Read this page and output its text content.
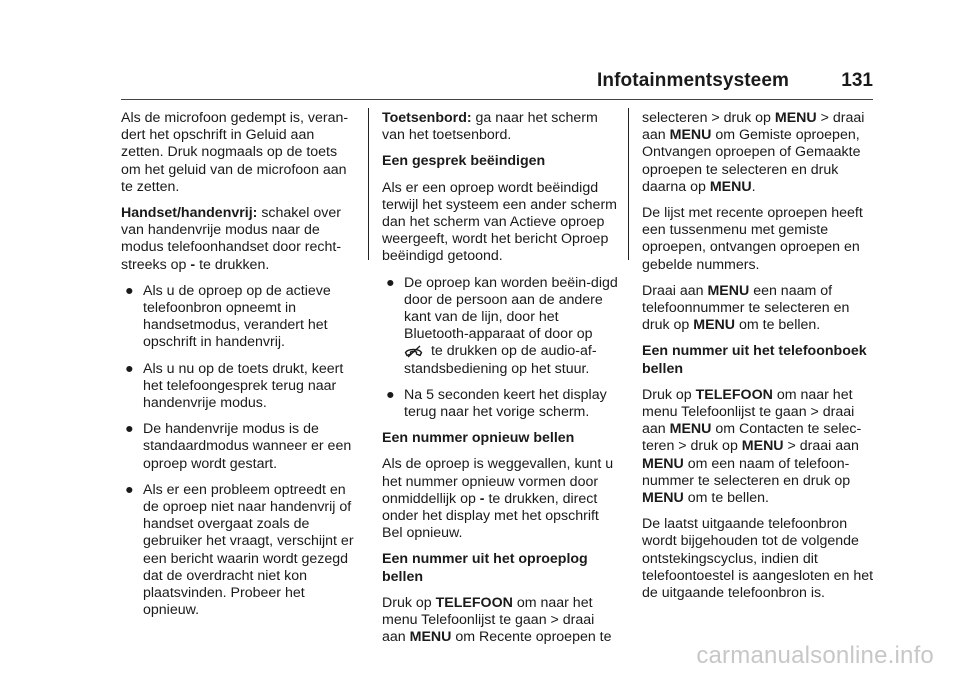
Infotainmentsysteem	131

Als de microfoon gedempt is, veran-dert het opschrift in Geluid aan zetten. Druk nogmaals op de toets om het geluid van de microfoon aan te zetten.

Handset/handenvrij: schakel over van handenvrije modus naar de modus telefoonhandset door recht-streeks op - te drukken.

● Als u de oproep op de actieve telefoonbron opneemt in handsetmodus, verandert het opschrift in handenvrij.
● Als u nu op de toets drukt, keert het telefoongesprek terug naar handenvrije modus.
● De handenvrije modus is de standaardmodus wanneer er een oproep wordt gestart.
● Als er een probleem optreedt en de oproep niet naar handenvrij of handset overgaat zoals de gebruiker het vraagt, verschijnt er een bericht waarin wordt gezegd dat de overdracht niet kon plaatsvinden. Probeer het opnieuw.

Toetsenbord: ga naar het scherm van het toetsenbord.

Een gesprek beëindigen

Als er een oproep wordt beëindigd terwijl het systeem een ander scherm dan het scherm van Actieve oproep weergeeft, wordt het bericht Oproep beëindigd getoond.

● De oproep kan worden beëin-digd door de persoon aan de andere kant van de lijn, door het Bluetooth-apparaat of door op  te drukken op de audio-af-standsbediening op het stuur.
● Na 5 seconden keert het display terug naar het vorige scherm.

Een nummer opnieuw bellen

Als de oproep is weggevallen, kunt u het nummer opnieuw vormen door onmiddellijk op - te drukken, direct onder het display met het opschrift Bel opnieuw.

Een nummer uit het oproeplog bellen

Druk op TELEFOON om naar het menu Telefoonlijst te gaan > draai aan MENU om Recente oproepen te

selecteren > druk op MENU > draai aan MENU om Gemiste oproepen, Ontvangen oproepen of Gemaakte oproepen te selecteren en druk daarna op MENU.

De lijst met recente oproepen heeft een tussenmenu met gemiste oproepen, ontvangen oproepen en gebelde nummers.

Draai aan MENU een naam of telefoonnummer te selecteren en druk op MENU om te bellen.

Een nummer uit het telefoonboek bellen

Druk op TELEFOON om naar het menu Telefoonlijst te gaan > draai aan MENU om Contacten te selec-teren > druk op MENU > draai aan MENU om een naam of telefoon-nummer te selecteren en druk op MENU om te bellen.

De laatst uitgaande telefoonbron wordt bijgehouden tot de volgende ontstekingscyclus, indien dit telefoontoestel is aangesloten en het de uitgaande telefoonbron is.

carmanualsonline.info
